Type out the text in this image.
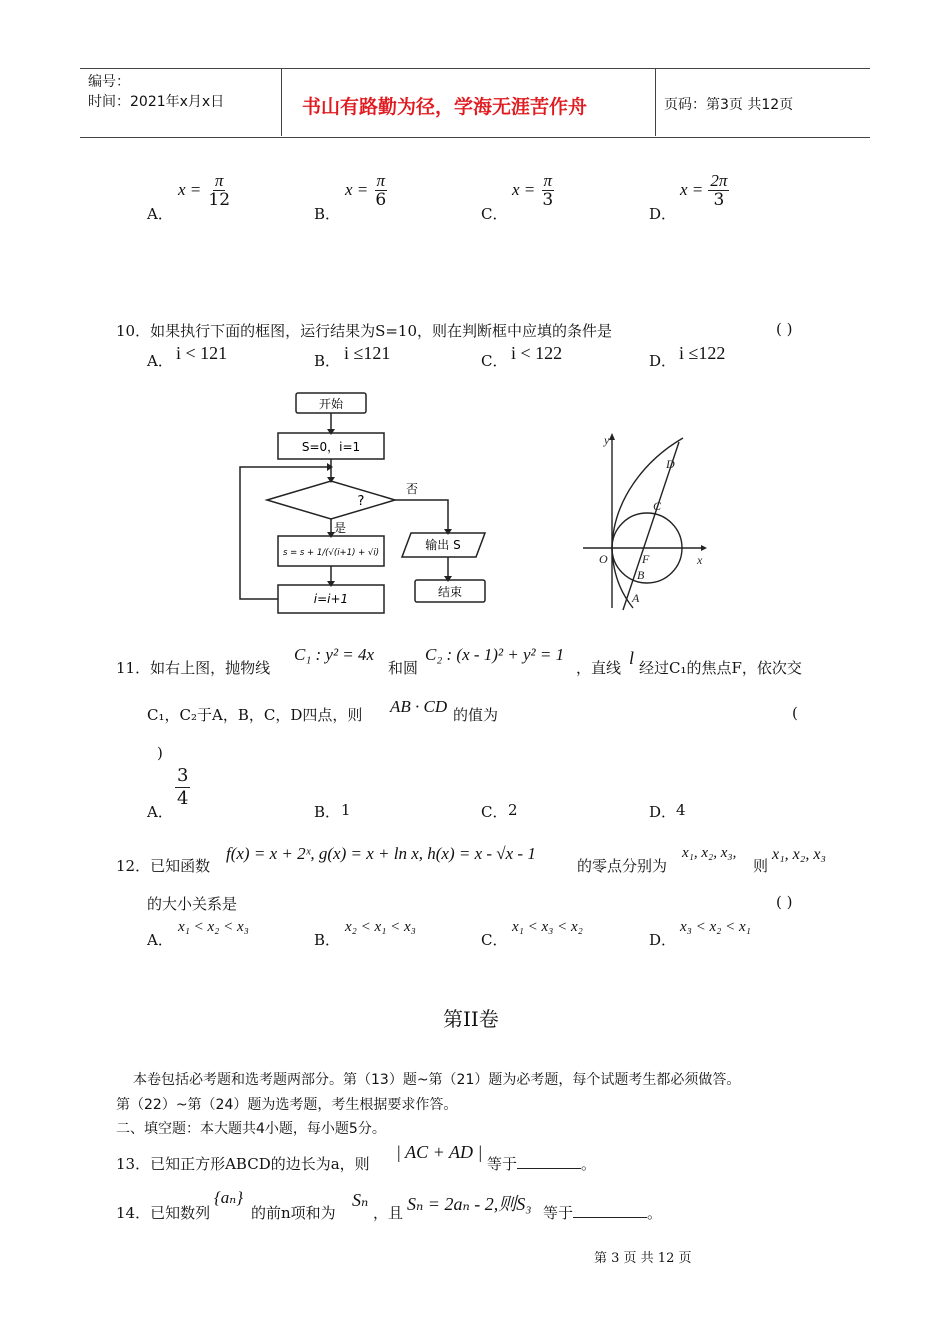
编号：
时间：2021年x月x日	书山有路勤为径，学海无涯苦作舟	页码：第3页 共12页
A．
$x = \frac{\pi}{12}$
B．
$x = \frac{\pi}{6}$
C．
$x = \frac{\pi}{3}$
D．
$x = \frac{2\pi}{3}$
10．如果执行下面的框图，运行结果为S=10，则在判断框中应填的条件是	( )
A． i < 121	B． i ≤121	C． i < 122	D． i ≤122
开始
S=0，i=1
?
否
是
s = s + 1/(√(i+1) + √i)
i=i+1
输出 S
结束
y
x
O	F
A
B
C
D
11．如右上图，抛物线
C₁ : y² = 4x
和圆
C₂ : (x - 1)² + y² = 1
，直线 l 经过C₁的焦点F，依次交
C₁，C₂于A，B，C，D四点，则 AB · CD 的值为	(
)
A．
$\frac{3}{4}$
B． 1	C． 2	D． 4
12．已知函数
f(x) = x + 2ˣ, g(x) = x + ln x, h(x) = x - √x - 1
的零点分别为
x₁, x₂, x₃,
则
x₁, x₂, x₃
的大小关系是	( )
A．
x₁ < x₂ < x₃
B．
x₂ < x₁ < x₃
C．
x₁ < x₃ < x₂
D．
x₃ < x₂ < x₁
第II卷
本卷包括必考题和选考题两部分。第（13）题~第（21）题为必考题，每个试题考生都必须做答。
第（22）~第（24）题为选考题，考生根据要求作答。
二、填空题：本大题共4小题，每小题5分。
13．已知正方形ABCD的边长为a，则
| AC + AD |
等于	。
14．已知数列
{aₙ}
的前n项和为
Sₙ
，且 Sₙ = 2aₙ - 2,则S₃ 等于	。
第 3 页 共 12 页
